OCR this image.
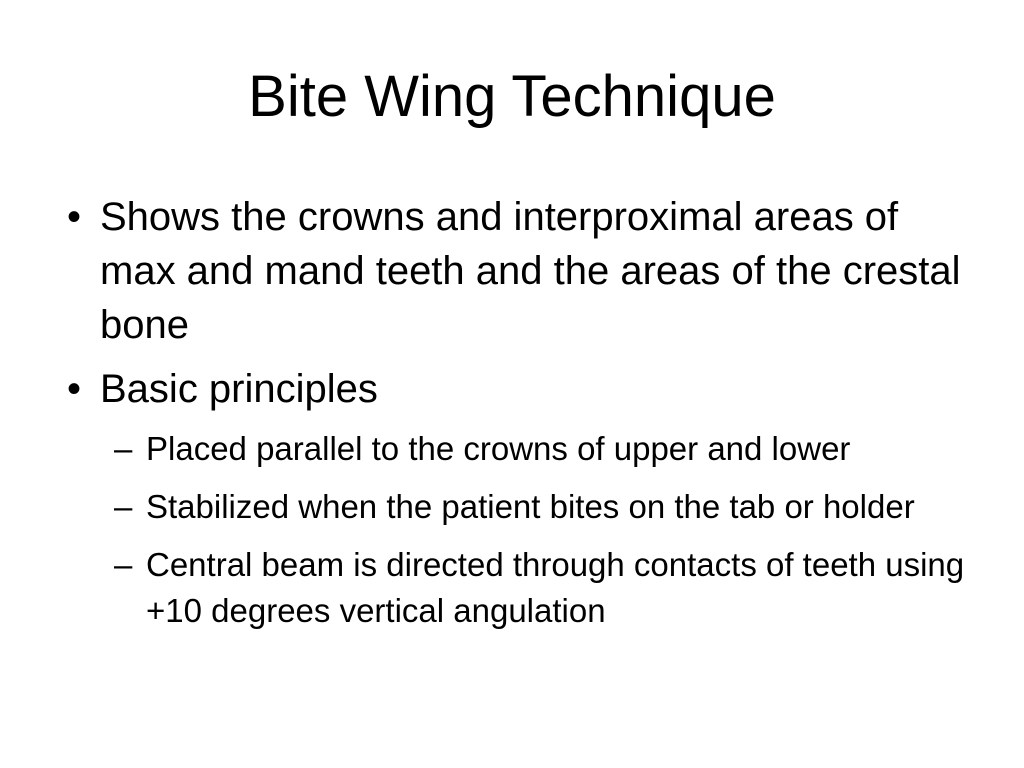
Bite Wing Technique
• Shows the crowns and interproximal areas of max and mand teeth and the areas of the crestal bone
• Basic principles
– Placed parallel to the crowns of upper and lower
– Stabilized when the patient bites on the tab or holder
– Central beam is directed through contacts of teeth using +10 degrees vertical angulation
